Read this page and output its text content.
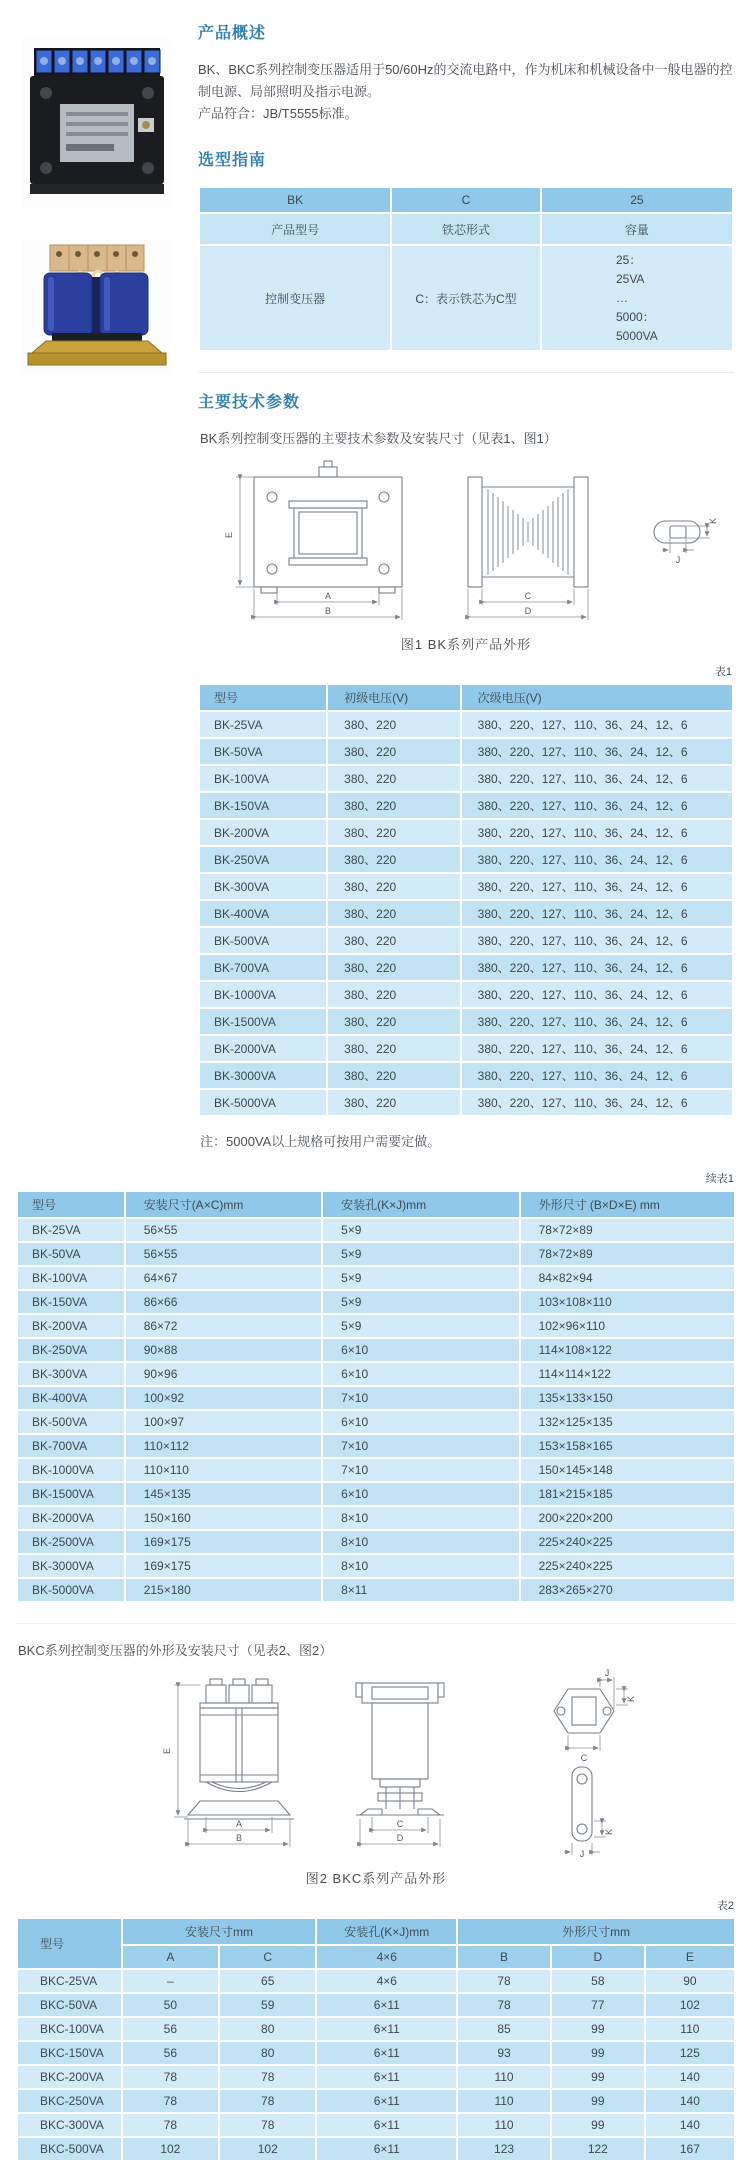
产品概述

BK、BKC系列控制变压器适用于50/60Hz的交流电路中，作为机床和机械设备中一般电器的控制电源、局部照明及指示电源。

产品符合：JB/T5555标准。

选型指南
BK	C	25
产品型号	铁芯形式	容量
控制变压器	C：表示铁芯为C型	25：
25VA
…
5000：
5000VA
主要技术参数

BK系列控制变压器的主要技术参数及安装尺寸（见表1、图1）

E
A
B
C
D
K
J
图1 BK系列产品外形
表1
型号	初级电压(V)	次级电压(V)
BK-25VA	380、220	380、220、127、110、36、24、12、6
BK-50VA	380、220	380、220、127、110、36、24、12、6
BK-100VA	380、220	380、220、127、110、36、24、12、6
BK-150VA	380、220	380、220、127、110、36、24、12、6
BK-200VA	380、220	380、220、127、110、36、24、12、6
BK-250VA	380、220	380、220、127、110、36、24、12、6
BK-300VA	380、220	380、220、127、110、36、24、12、6
BK-400VA	380、220	380、220、127、110、36、24、12、6
BK-500VA	380、220	380、220、127、110、36、24、12、6
BK-700VA	380、220	380、220、127、110、36、24、12、6
BK-1000VA	380、220	380、220、127、110、36、24、12、6
BK-1500VA	380、220	380、220、127、110、36、24、12、6
BK-2000VA	380、220	380、220、127、110、36、24、12、6
BK-3000VA	380、220	380、220、127、110、36、24、12、6
BK-5000VA	380、220	380、220、127、110、36、24、12、6

注：5000VA以上规格可按用户需要定做。

续表1
型号	安装尺寸(A×C)mm	安装孔(K×J)mm	外形尺寸 (B×D×E) mm
BK-25VA	56×55	5×9	78×72×89
BK-50VA	56×55	5×9	78×72×89
BK-100VA	64×67	5×9	84×82×94
BK-150VA	86×66	5×9	103×108×110
BK-200VA	86×72	5×9	102×96×110
BK-250VA	90×88	6×10	114×108×122
BK-300VA	90×96	6×10	114×114×122
BK-400VA	100×92	7×10	135×133×150
BK-500VA	100×97	6×10	132×125×135
BK-700VA	110×112	7×10	153×158×165
BK-1000VA	110×110	7×10	150×145×148
BK-1500VA	145×135	6×10	181×215×185
BK-2000VA	150×160	8×10	200×220×200
BK-2500VA	169×175	8×10	225×240×225
BK-3000VA	169×175	8×10	225×240×225
BK-5000VA	215×180	8×11	283×265×270

BKC系列控制变压器的外形及安装尺寸（见表2、图2）

E
A
B
C
D
J
K
C
K
J
图2 BKC系列产品外形
表2
型号	安装尺寸mm		安装孔(K×J)mm	外形尺寸mm		
	A	C	4×6	B	D	E
BKC-25VA	–	65	4×6	78	58	90
BKC-50VA	50	59	6×11	78	77	102
BKC-100VA	56	80	6×11	85	99	110
BKC-150VA	56	80	6×11	93	99	125
BKC-200VA	78	78	6×11	110	99	140
BKC-250VA	78	78	6×11	110	99	140
BKC-300VA	78	78	6×11	110	99	140
BKC-500VA	102	102	6×11	123	122	167
